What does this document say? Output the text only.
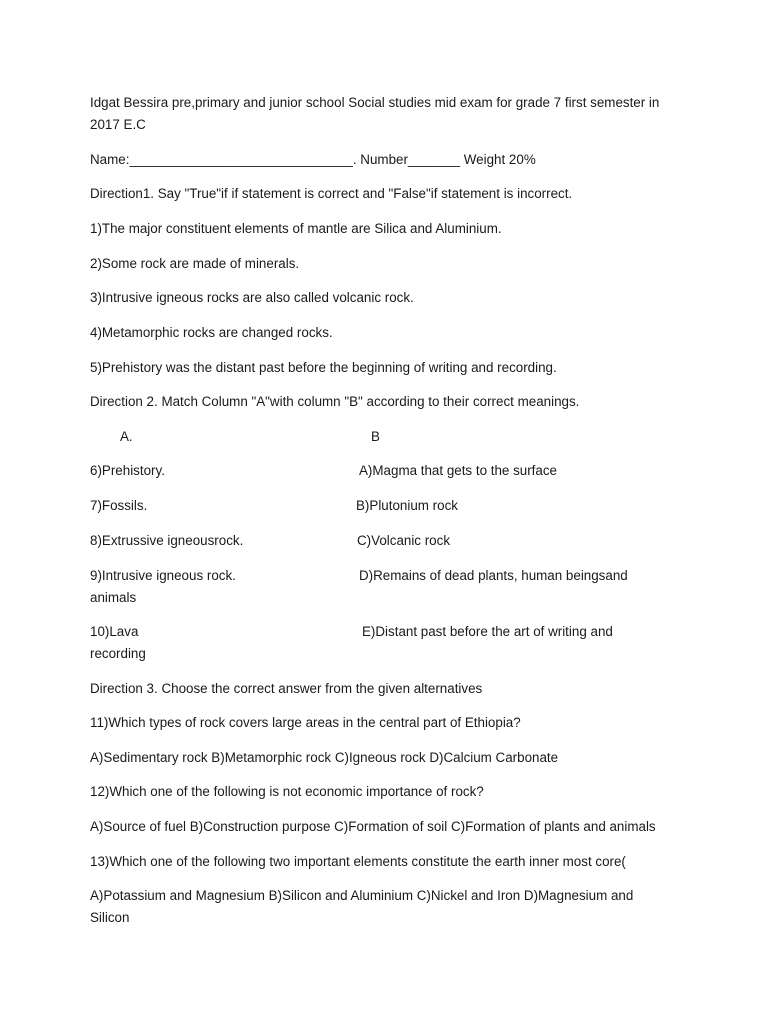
Idgat Bessira pre,primary and junior school Social studies mid exam for grade 7 first semester in
2017 E.C
Name:______________________________. Number_______ Weight 20%
Direction1. Say "True"if if statement is correct and "False"if statement is incorrect.
1)The major constituent elements of mantle are Silica and Aluminium.
2)Some rock are made of minerals.
3)Intrusive igneous rocks are also called volcanic rock.
4)Metamorphic rocks are changed rocks.
5)Prehistory was the distant past before the beginning of writing and recording.
Direction 2. Match Column "A"with column "B" according to their correct meanings.
A.	B
6)Prehistory.	A)Magma that gets to the surface
7)Fossils.	B)Plutonium rock
8)Extrussive igneousrock.	C)Volcanic rock
9)Intrusive igneous rock.	D)Remains of dead plants, human beingsand
animals
10)Lava	E)Distant past before the art of writing and
recording
Direction 3. Choose the correct answer from the given alternatives
11)Which types of rock covers large areas in the central part of Ethiopia?
A)Sedimentary rock B)Metamorphic rock C)Igneous rock D)Calcium Carbonate
12)Which one of the following is not economic importance of rock?
A)Source of fuel B)Construction purpose C)Formation of soil C)Formation of plants and animals
13)Which one of the following two important elements constitute the earth inner most core(
A)Potassium and Magnesium B)Silicon and Aluminium C)Nickel and Iron D)Magnesium and
Silicon
